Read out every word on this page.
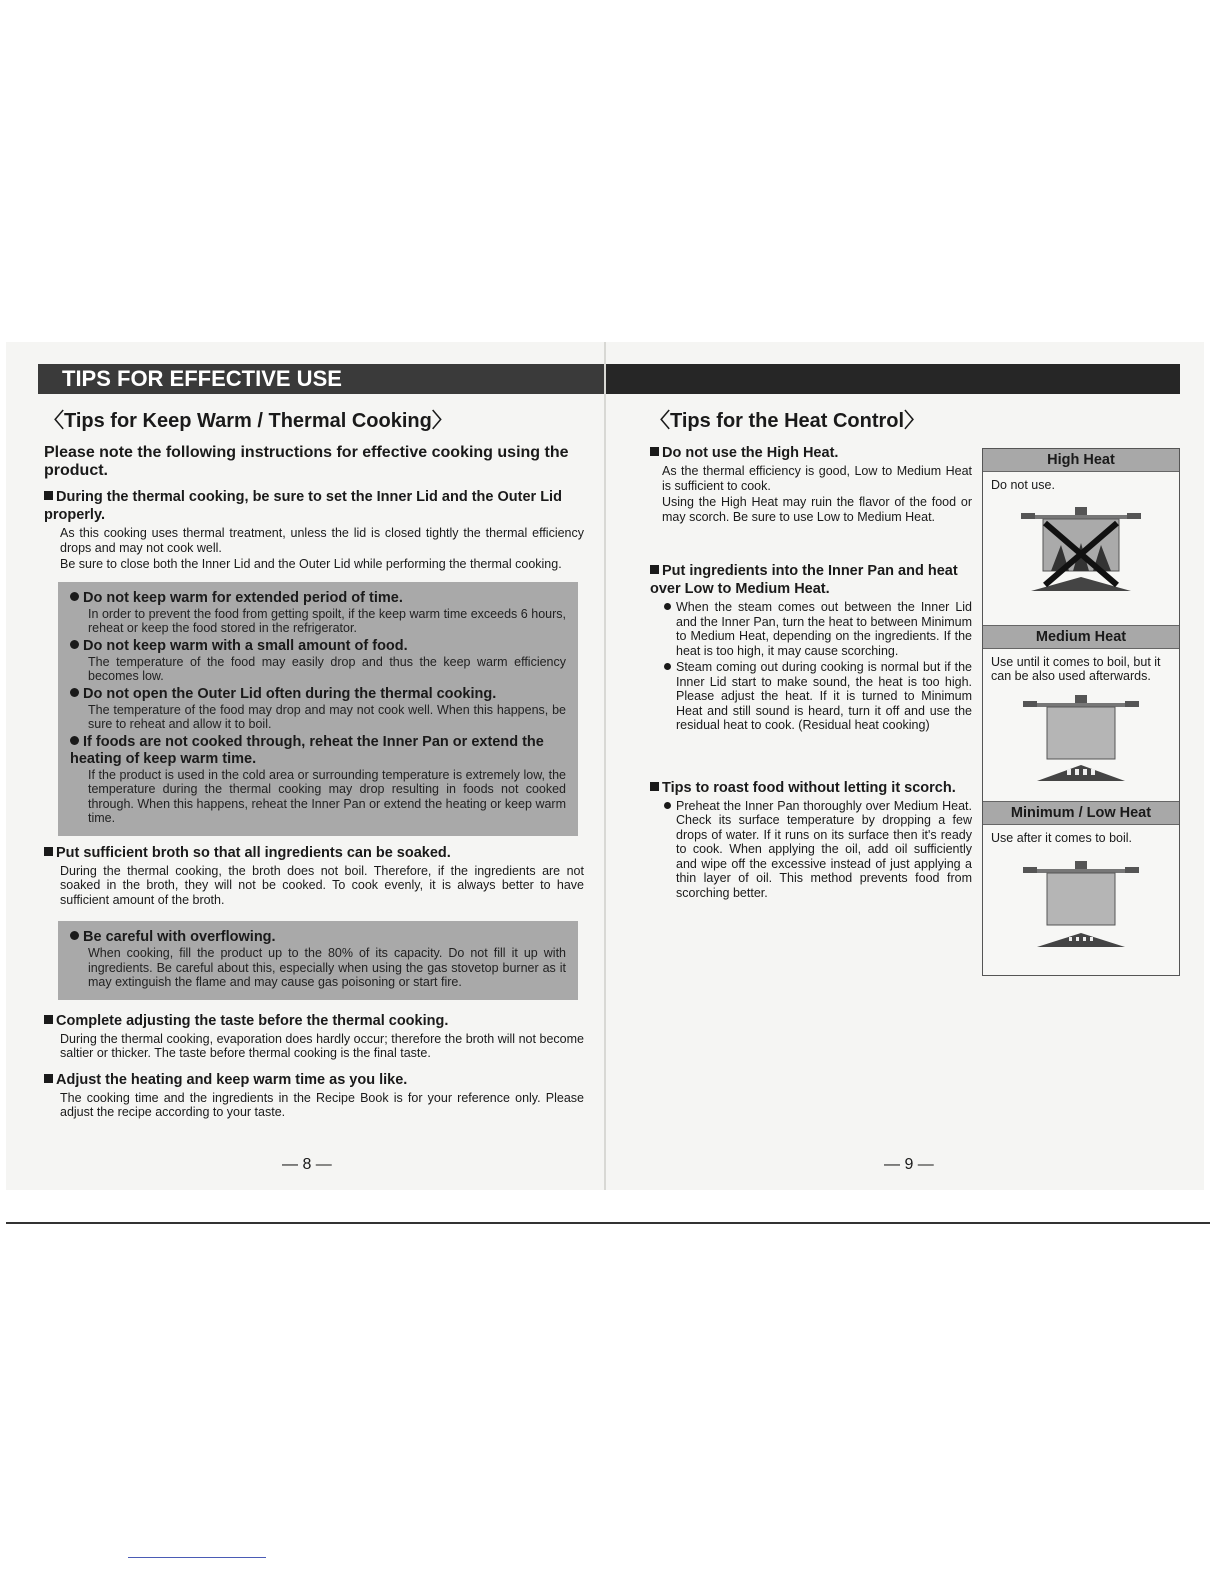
TIPS FOR EFFECTIVE USE
〈Tips for Keep Warm / Thermal Cooking〉
Please note the following instructions for effective cooking using the product.
During the thermal cooking, be sure to set the Inner Lid and the Outer Lid properly.
As this cooking uses thermal treatment, unless the lid is closed tightly the thermal efficiency drops and may not cook well.
Be sure to close both the Inner Lid and the Outer Lid while performing the thermal cooking.
Do not keep warm for extended period of time.
In order to prevent the food from getting spoilt, if the keep warm time exceeds 6 hours, reheat or keep the food stored in the refrigerator.
Do not keep warm with a small amount of food.
The temperature of the food may easily drop and thus the keep warm efficiency becomes low.
Do not open the Outer Lid often during the thermal cooking.
The temperature of the food may drop and may not cook well. When this happens, be sure to reheat and allow it to boil.
If foods are not cooked through, reheat the Inner Pan or extend the heating of keep warm time.
If the product is used in the cold area or surrounding temperature is extremely low, the temperature during the thermal cooking may drop resulting in foods not cooked through. When this happens, reheat the Inner Pan or extend the heating or keep warm time.
Put sufficient broth so that all ingredients can be soaked.
During the thermal cooking, the broth does not boil. Therefore, if the ingredients are not soaked in the broth, they will not be cooked. To cook evenly, it is always better to have sufficient amount of the broth.
Be careful with overflowing.
When cooking, fill the product up to the 80% of its capacity. Do not fill it up with ingredients. Be careful about this, especially when using the gas stovetop burner as it may extinguish the flame and may cause gas poisoning or start fire.
Complete adjusting the taste before the thermal cooking.
During the thermal cooking, evaporation does hardly occur; therefore the broth will not become saltier or thicker. The taste before thermal cooking is the final taste.
Adjust the heating and keep warm time as you like.
The cooking time and the ingredients in the Recipe Book is for your reference only. Please adjust the recipe according to your taste.
— 8 —
〈Tips for the Heat Control〉
Do not use the High Heat.
As the thermal efficiency is good, Low to Medium Heat is sufficient to cook.
Using the High Heat may ruin the flavor of the food or may scorch. Be sure to use Low to Medium Heat.
Put ingredients into the Inner Pan and heat over Low to Medium Heat.
When the steam comes out between the Inner Lid and the Inner Pan, turn the heat to between Minimum to Medium Heat, depending on the ingredients. If the heat is too high, it may cause scorching.
Steam coming out during cooking is normal but if the Inner Lid start to make sound, the heat is too high. Please adjust the heat. If it is turned to Minimum Heat and still sound is heard, turn it off and use the residual heat to cook. (Residual heat cooking)
Tips to roast food without letting it scorch.
Preheat the Inner Pan thoroughly over Medium Heat. Check its surface temperature by dropping a few drops of water. If it runs on its surface then it's ready to cook. When applying the oil, add oil sufficiently and wipe off the excessive instead of just applying a thin layer of oil. This method prevents food from scorching better.
— 9 —
High Heat
Do not use.
Medium Heat
Use until it comes to boil, but it can be also used afterwards.
Minimum / Low Heat
Use after it comes to boil.
